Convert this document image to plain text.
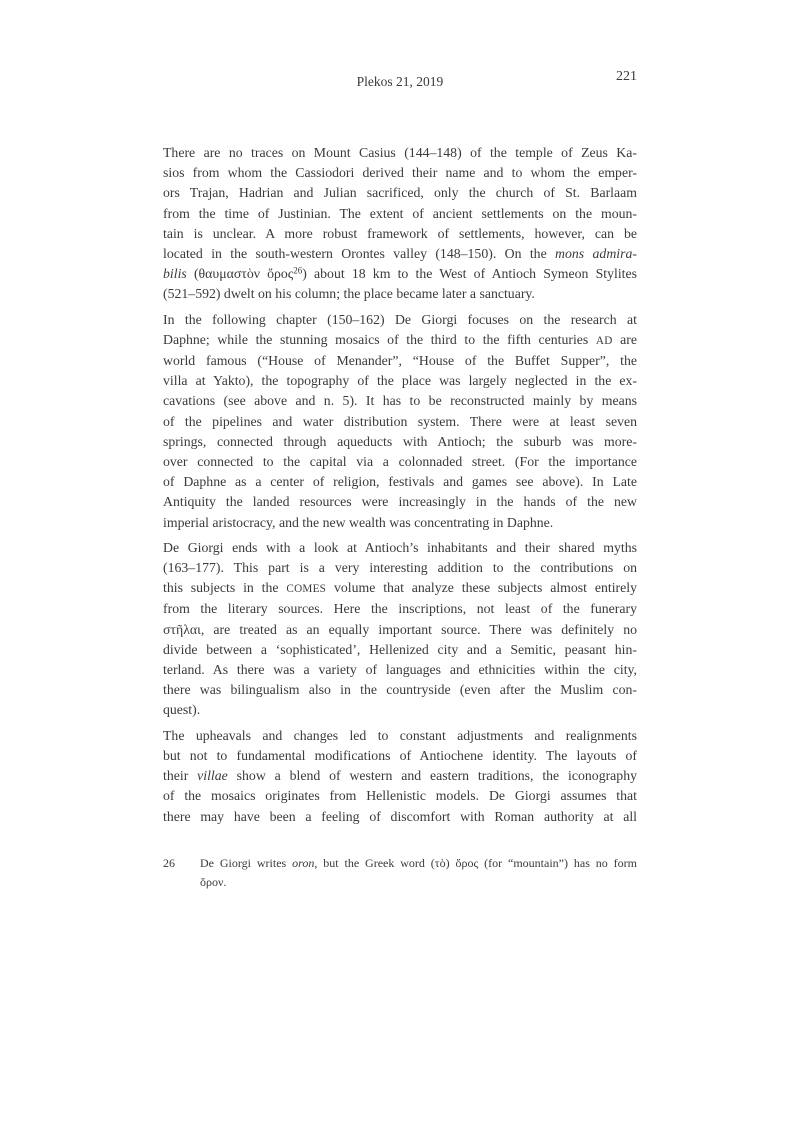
221
Plekos 21, 2019
There are no traces on Mount Casius (144–148) of the temple of Zeus Ka-
sios from whom the Cassiodori derived their name and to whom the emper-
ors Trajan, Hadrian and Julian sacrificed, only the church of St. Barlaam
from the time of Justinian. The extent of ancient settlements on the moun-
tain is unclear. A more robust framework of settlements, however, can be
located in the south-western Orontes valley (148–150). On the mons admira-
bilis (θαυμαστὸν ὄρος$^{26}$) about 18 km to the West of Antioch Symeon Stylites
(521–592) dwelt on his column; the place became later a sanctuary.
In the following chapter (150–162) De Giorgi focuses on the research at
Daphne; while the stunning mosaics of the third to the fifth centuries AD are
world famous (“House of Menander”, “House of the Buffet Supper”, the
villa at Yakto), the topography of the place was largely neglected in the ex-
cavations (see above and n. 5). It has to be reconstructed mainly by means
of the pipelines and water distribution system. There were at least seven
springs, connected through aqueducts with Antioch; the suburb was more-
over connected to the capital via a colonnaded street. (For the importance
of Daphne as a center of religion, festivals and games see above). In Late
Antiquity the landed resources were increasingly in the hands of the new
imperial aristocracy, and the new wealth was concentrating in Daphne.
De Giorgi ends with a look at Antioch’s inhabitants and their shared myths
(163–177). This part is a very interesting addition to the contributions on
this subjects in the COMES volume that analyze these subjects almost entirely
from the literary sources. Here the inscriptions, not least of the funerary
στῆλαι, are treated as an equally important source. There was definitely no
divide between a ‘sophisticated’, Hellenized city and a Semitic, peasant hin-
terland. As there was a variety of languages and ethnicities within the city,
there was bilingualism also in the countryside (even after the Muslim con-
quest).
The upheavals and changes led to constant adjustments and realignments
but not to fundamental modifications of Antiochene identity. The layouts of
their villae show a blend of western and eastern traditions, the iconography
of the mosaics originates from Hellenistic models. De Giorgi assumes that
there may have been a feeling of discomfort with Roman authority at all
26	De Giorgi writes oron, but the Greek word (τὸ) ὄρος (for “mountain”) has no form
ὄρον.
